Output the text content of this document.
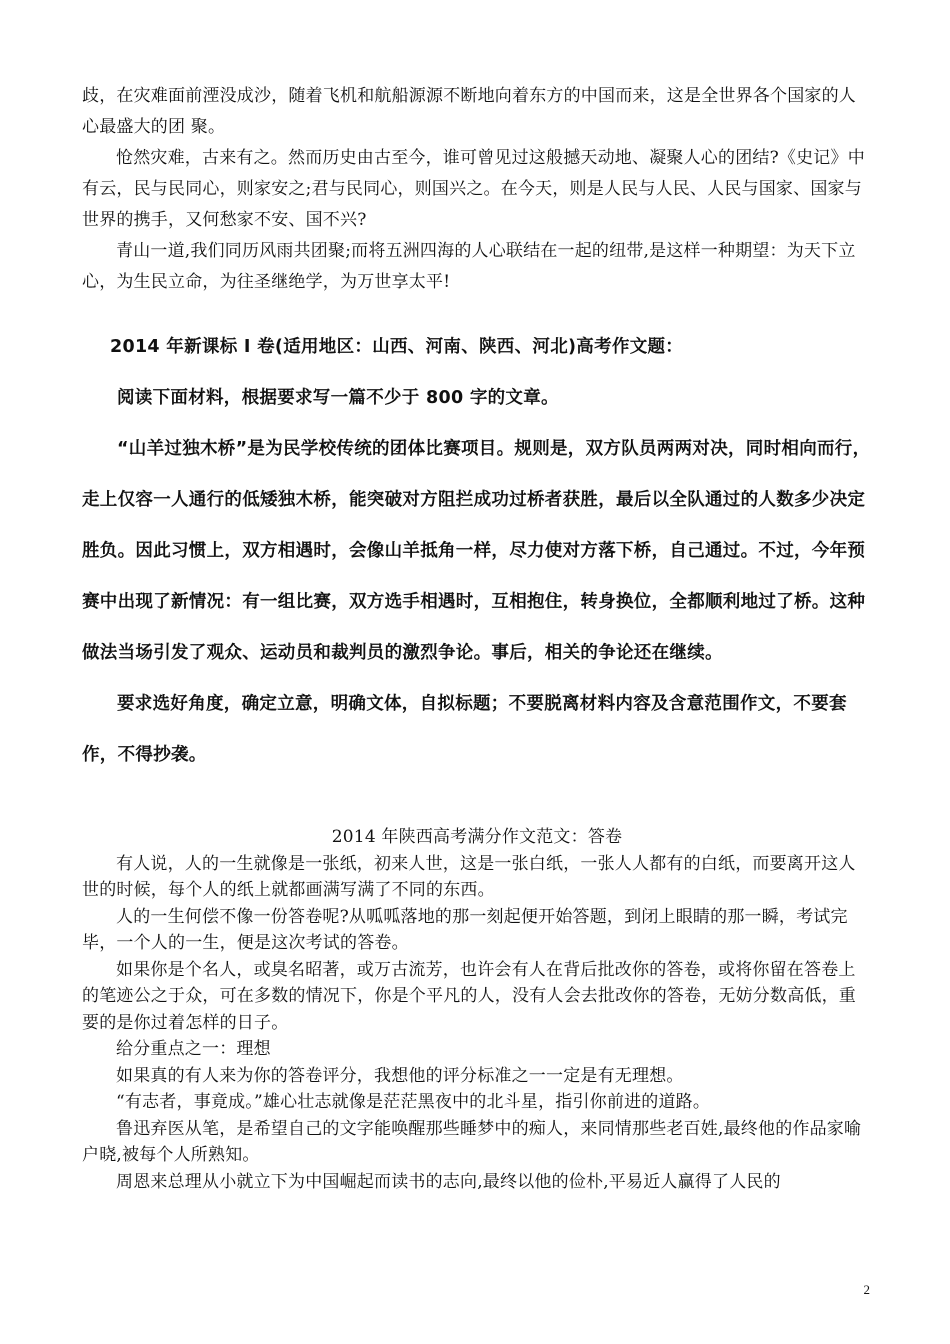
歧，在灾难面前湮没成沙，随着飞机和航船源源不断地向着东方的中国而来，这是全世界各个国家的人心最盛大的团 聚。

怆然灾难，古来有之。然而历史由古至今，谁可曾见过这般撼天动地、凝聚人心的团结?《史记》中有云，民与民同心，则家安之;君与民同心，则国兴之。在今天，则是人民与人民、人民与国家、国家与世界的携手，又何愁家不安、国不兴?

青山一道,我们同历风雨共团聚;而将五洲四海的人心联结在一起的纽带,是这样一种期望：为天下立心，为生民立命，为往圣继绝学，为万世享太平!

2014 年新课标 I 卷(适用地区：山西、河南、陕西、河北)高考作文题：

阅读下面材料，根据要求写一篇不少于 800 字的文章。

“山羊过独木桥”是为民学校传统的团体比赛项目。规则是，双方队员两两对决，同时相向而行，走上仅容一人通行的低矮独木桥，能突破对方阻拦成功过桥者获胜，最后以全队通过的人数多少决定胜负。因此习惯上，双方相遇时，会像山羊抵角一样，尽力使对方落下桥，自己通过。不过，今年预赛中出现了新情况：有一组比赛，双方选手相遇时，互相抱住，转身换位，全都顺利地过了桥。这种做法当场引发了观众、运动员和裁判员的激烈争论。事后，相关的争论还在继续。

要求选好角度，确定立意，明确文体，自拟标题；不要脱离材料内容及含意范围作文，不要套作，不得抄袭。

2014 年陕西高考满分作文范文：答卷

有人说，人的一生就像是一张纸，初来人世，这是一张白纸，一张人人都有的白纸，而要离开这人世的时候，每个人的纸上就都画满写满了不同的东西。

人的一生何偿不像一份答卷呢?从呱呱落地的那一刻起便开始答题，到闭上眼睛的那一瞬，考试完毕，一个人的一生，便是这次考试的答卷。

如果你是个名人，或臭名昭著，或万古流芳，也许会有人在背后批改你的答卷，或将你留在答卷上的笔迹公之于众，可在多数的情况下，你是个平凡的人，没有人会去批改你的答卷，无妨分数高低，重要的是你过着怎样的日子。

给分重点之一：理想

如果真的有人来为你的答卷评分，我想他的评分标准之一一定是有无理想。

“有志者，事竟成。”雄心壮志就像是茫茫黑夜中的北斗星，指引你前进的道路。

鲁迅弃医从笔，是希望自己的文字能唤醒那些睡梦中的痴人，来同情那些老百姓,最终他的作品家喻户晓,被每个人所熟知。

周恩来总理从小就立下为中国崛起而读书的志向,最终以他的俭朴,平易近人赢得了人民的

2
